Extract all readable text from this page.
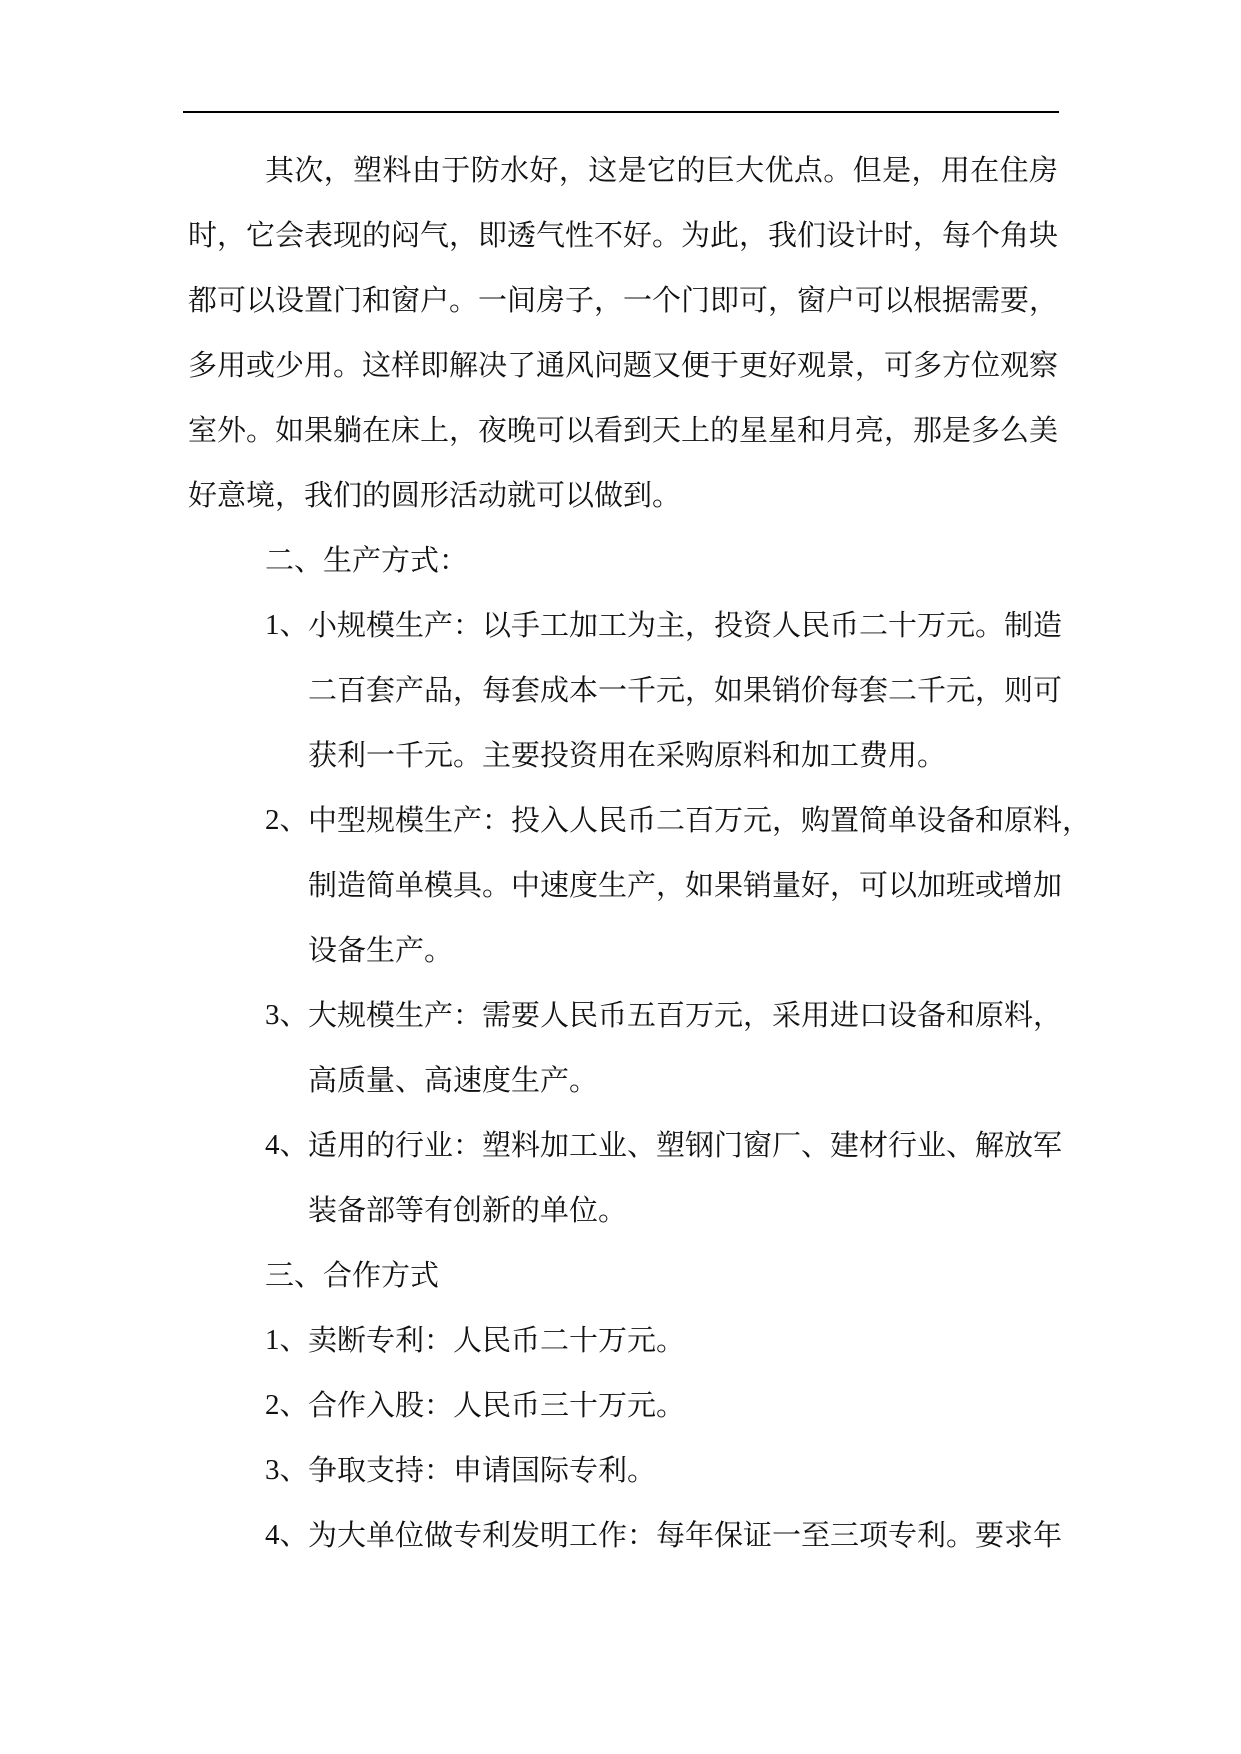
其次，塑料由于防水好，这是它的巨大优点。但是，用在住房
时，它会表现的闷气，即透气性不好。为此，我们设计时，每个角块
都可以设置门和窗户。一间房子，一个门即可，窗户可以根据需要，
多用或少用。这样即解决了通风问题又便于更好观景，可多方位观察
室外。如果躺在床上，夜晚可以看到天上的星星和月亮，那是多么美
好意境，我们的圆形活动就可以做到。
二、生产方式：
1、 小规模生产：以手工加工为主，投资人民币二十万元。制造
二百套产品，每套成本一千元，如果销价每套二千元，则可
获利一千元。主要投资用在采购原料和加工费用。
2、 中型规模生产：投入人民币二百万元，购置简单设备和原料，
制造简单模具。中速度生产，如果销量好，可以加班或增加
设备生产。
3、 大规模生产：需要人民币五百万元，采用进口设备和原料，
高质量、高速度生产。
4、 适用的行业：塑料加工业、塑钢门窗厂、建材行业、解放军
装备部等有创新的单位。
三、合作方式
1、 卖断专利：人民币二十万元。
2、 合作入股：人民币三十万元。
3、 争取支持：申请国际专利。
4、 为大单位做专利发明工作：每年保证一至三项专利。要求年
